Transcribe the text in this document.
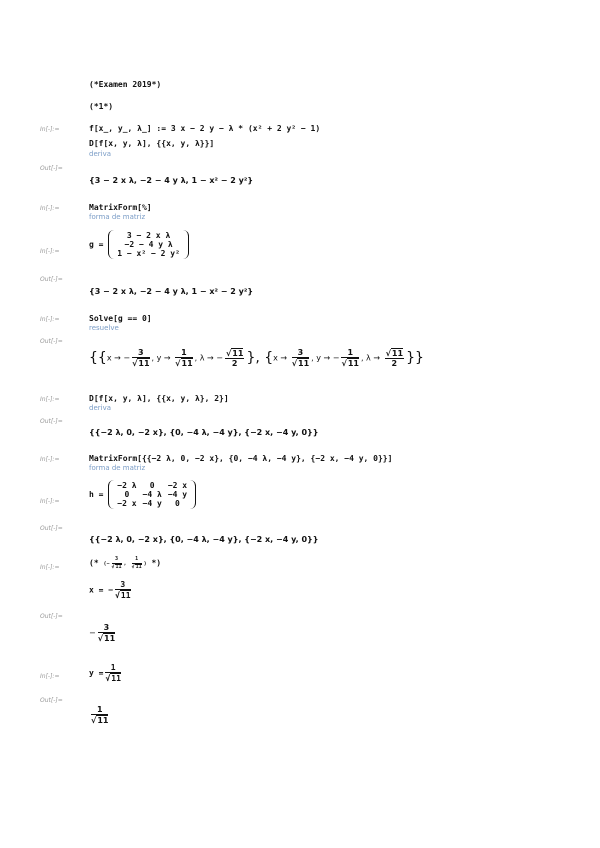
(*Examen 2019*)
(*1*)
In[-]:=	f[x_, y_, λ_] := 3 x − 2 y − λ * (x² + 2 y² − 1)
D[f[x, y, λ], {{x, y, λ}}]
deriva
Out[-]=
{3 − 2 x λ, −2 − 4 y λ, 1 − x² − 2 y²}
In[-]:=	MatrixForm[%]
forma de matriz
In[-]:=
g =
3 − 2 x λ
−2 − 4 y λ
1 − x² − 2 y²
Out[-]=
{3 − 2 x λ, −2 − 4 y λ, 1 − x² − 2 y²}
In[-]:=	Solve[g == 0]
resuelve
Out[-]=
{{x → − 3
√ 11 , y → 1
√ 11 , λ → − √ $\frac{11}{2}$ }, {x → 3
√ 11 , y → − 1
√ 11 , λ → √ $\frac{11}{2}$ }}
In[-]:=	D[f[x, y, λ], {{x, y, λ}, 2}]
deriva
Out[-]=
{{−2 λ, 0, −2 x}, {0, −4 λ, −4 y}, {−2 x, −4 y, 0}}
In[-]:=	MatrixForm[{{−2 λ, 0, −2 x}, {0, −4 λ, −4 y}, {−2 x, −4 y, 0}}]
forma de matriz
In[-]:=
h =
−2 λ	0	−2 x
0	−4 λ	−4 y
−2 x	−4 y	0
Out[-]=
{{−2 λ, 0, −2 x}, {0, −4 λ, −4 y}, {−2 x, −4 y, 0}}
In[-]:=
(* (− 3
√ 11 , 1
√ 11 ) *)
x = − 3
√ 11
Out[-]=
− 3
√ 11
In[-]:=	y = 1
√ 11
Out[-]=
1
√ 11
